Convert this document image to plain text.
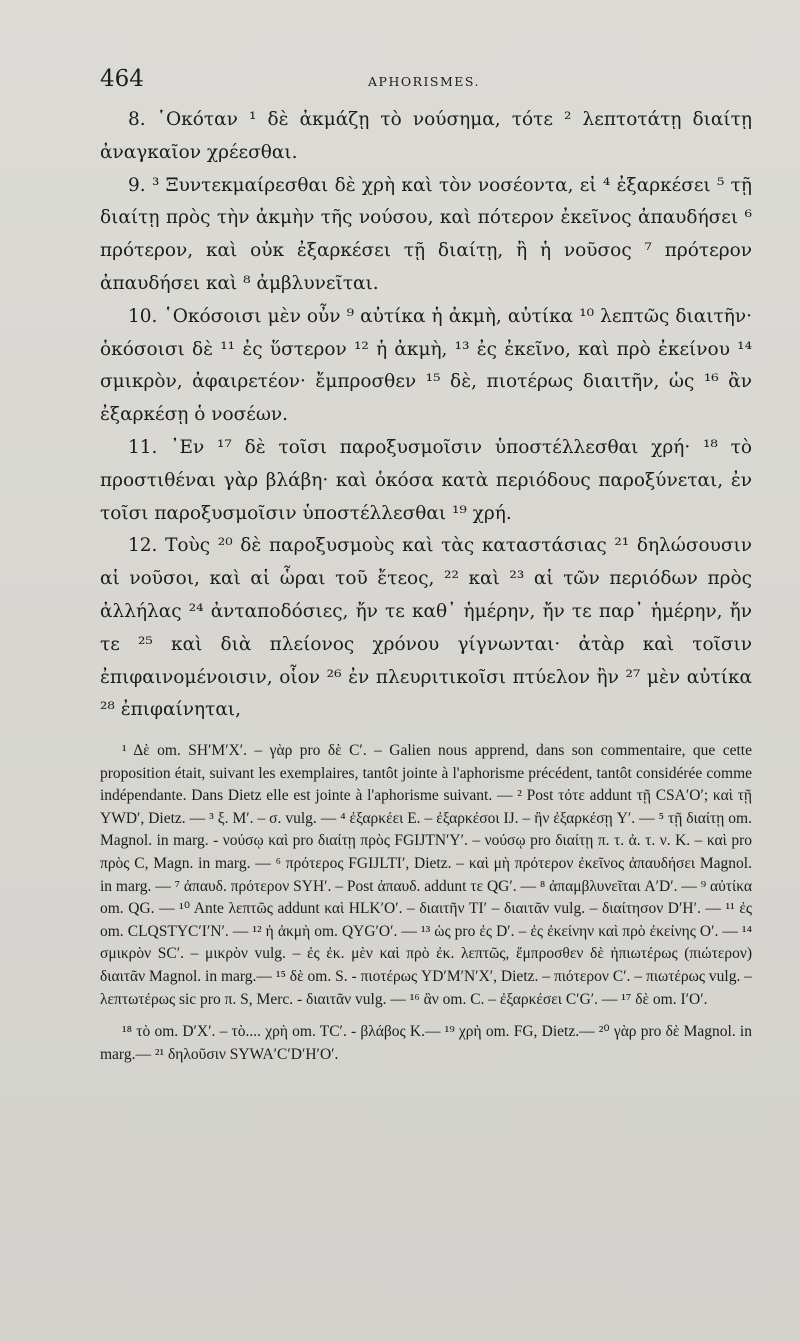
464	APHORISMES.

8. ῾Οκόταν ¹ δὲ ἀκμάζῃ τὸ νούσημα, τότε ² λεπτοτάτῃ διαίτῃ ἀναγκαῖον χρέεσθαι.

9. ³ Ξυντεκμαίρεσθαι δὲ χρὴ καὶ τὸν νοσέοντα, εἰ ⁴ ἐξαρκέσει ⁵ τῇ διαίτῃ πρὸς τὴν ἀκμὴν τῆς νούσου, καὶ πότερον ἐκεῖνος ἀπαυδήσει ⁶ πρότερον, καὶ οὐκ ἐξαρκέσει τῇ διαίτῃ, ἢ ἡ νοῦσος ⁷ πρότερον ἀπαυδήσει καὶ ⁸ ἀμβλυνεῖται.

10. ῾Οκόσοισι μὲν οὖν ⁹ αὐτίκα ἡ ἀκμὴ, αὐτίκα ¹⁰ λεπτῶς διαιτῆν· ὁκόσοισι δὲ ¹¹ ἐς ὕστερον ¹² ἡ ἀκμὴ, ¹³ ἐς ἐκεῖνο, καὶ πρὸ ἐκείνου ¹⁴ σμικρὸν, ἀφαιρετέον· ἔμπροσθεν ¹⁵ δὲ, πιοτέρως διαιτῆν, ὡς ¹⁶ ἂν ἐξαρκέσῃ ὁ νοσέων.

11. ᾿Εν ¹⁷ δὲ τοῖσι παροξυσμοῖσιν ὑποστέλλεσθαι χρή· ¹⁸ τὸ προστιθέναι γὰρ βλάβη· καὶ ὁκόσα κατὰ περιόδους παροξύνεται, ἐν τοῖσι παροξυσμοῖσιν ὑποστέλλεσθαι ¹⁹ χρή.

12. Τοὺς ²⁰ δὲ παροξυσμοὺς καὶ τὰς καταστάσιας ²¹ δηλώσουσιν αἱ νοῦσοι, καὶ αἱ ὧραι τοῦ ἔτεος, ²² καὶ ²³ αἱ τῶν περιόδων πρὸς ἀλλήλας ²⁴ ἀνταποδόσιες, ἤν τε καθ᾿ ἡμέρην, ἤν τε παρ᾿ ἡμέρην, ἤν τε ²⁵ καὶ διὰ πλείονος χρόνου γίγνωνται· ἀτὰρ καὶ τοῖσιν ἐπιφαινομένοισιν, οἷον ²⁶ ἐν πλευριτικοῖσι πτύελον ἢν ²⁷ μὲν αὐτίκα ²⁸ ἐπιφαίνηται,

¹ Δὲ om. SH′M′X′. – γὰρ pro δὲ C′. – Galien nous apprend, dans son commentaire, que cette proposition était, suivant les exemplaires, tantôt jointe à l'aphorisme précédent, tantôt considérée comme indépendante. Dans Dietz elle est jointe à l'aphorisme suivant. — ² Post τότε addunt τῇ CSA′O′; καὶ τῇ YWD′, Dietz. — ³ ξ. M′. – σ. vulg. — ⁴ ἐξαρκέει E. – ἐξαρκέσοι IJ. – ἢν ἐξαρκέσῃ Y′. — ⁵ τῇ διαίτῃ om. Magnol. in marg. - νούσῳ καὶ pro διαίτῃ πρὸς FGIJTN′Y′. – νούσῳ pro διαίτῃ π. τ. ἀ. τ. ν. K. – καὶ pro πρὸς C, Magn. in marg. — ⁶ πρότερος FGIJLTI′, Dietz. – καὶ μὴ πρότερον ἐκεῖνος ἀπαυδήσει Magnol. in marg. — ⁷ ἀπαυδ. πρότερον SYH′. – Post ἀπαυδ. addunt τε QG′. — ⁸ ἀπαμβλυνεῖται A′D′. — ⁹ αὐτίκα om. QG. — ¹⁰ Ante λεπτῶς addunt καὶ HLK′O′. – διαιτῆν TI′ – διαιτᾶν vulg. – διαίτησον D′H′. — ¹¹ ἐς om. CLQSTYC′I′N′. — ¹² ἡ ἀκμὴ om. QYG′O′. — ¹³ ὡς pro ἐς D′. – ἐς ἐκείνην καὶ πρὸ ἐκείνης O′. — ¹⁴ σμικρὸν SC′. – μικρὸν vulg. – ἐς ἐκ. μὲν καὶ πρὸ ἐκ. λεπτῶς, ἔμπροσθεν δὲ ἠπιωτέρως (πιώτερον) διαιτᾶν Magnol. in marg.— ¹⁵ δὲ om. S. - πιοτέρως YD′M′N′X′, Dietz. – πιότερον C′. – πιωτέρως vulg. – λεπτωτέρως sic pro π. S, Merc. - διαιτᾶν vulg. — ¹⁶ ἂν om. C. – ἐξαρκέσει C′G′. — ¹⁷ δὲ om. I′O′.

¹⁸ τὸ om. D′X′. – τὸ.... χρὴ om. TC′. - βλάβος K.— ¹⁹ χρὴ om. FG, Dietz.— ²⁰ γὰρ pro δὲ Magnol. in marg.— ²¹ δηλοῦσιν SYWA′C′D′H′O′.
